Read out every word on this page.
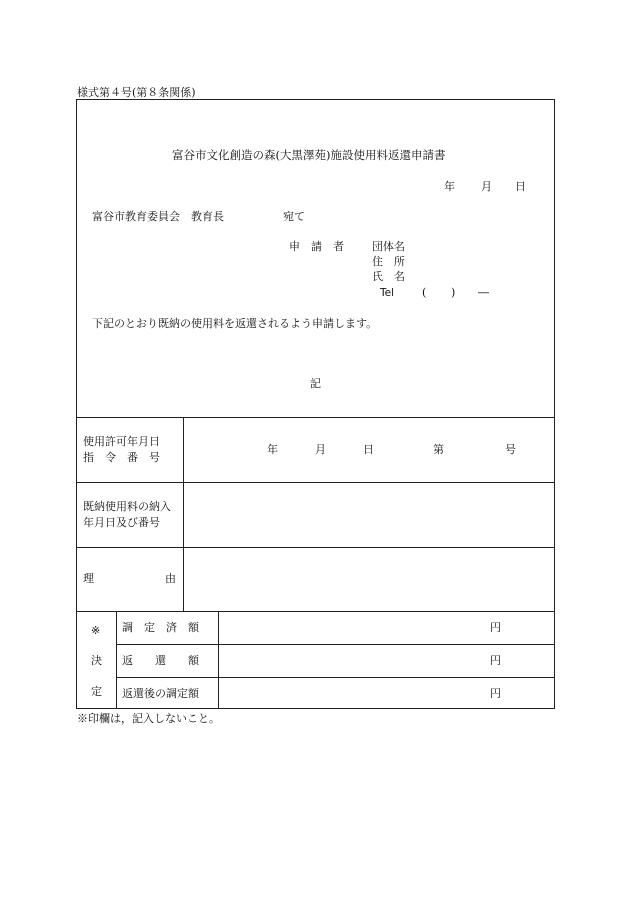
様式第４号(第８条関係)
富谷市文化創造の森(大黒澤苑)施設使用料返還申請書
年 月 日
富谷市教育委員会　教育長	宛て
申　請　者	団体名
住　所
氏　名
Tel	( ) ―
下記のとおり既納の使用料を返還されるよう申請します。
記
使用許可年月日
指　令　番　号
年	月	日	第	号
既納使用料の納入
年月日及び番号
理	由
※
決
定
調　定　済　額	円
返　　還　　額	円
返還後の調定額	円
※印欄は，記入しないこと。
